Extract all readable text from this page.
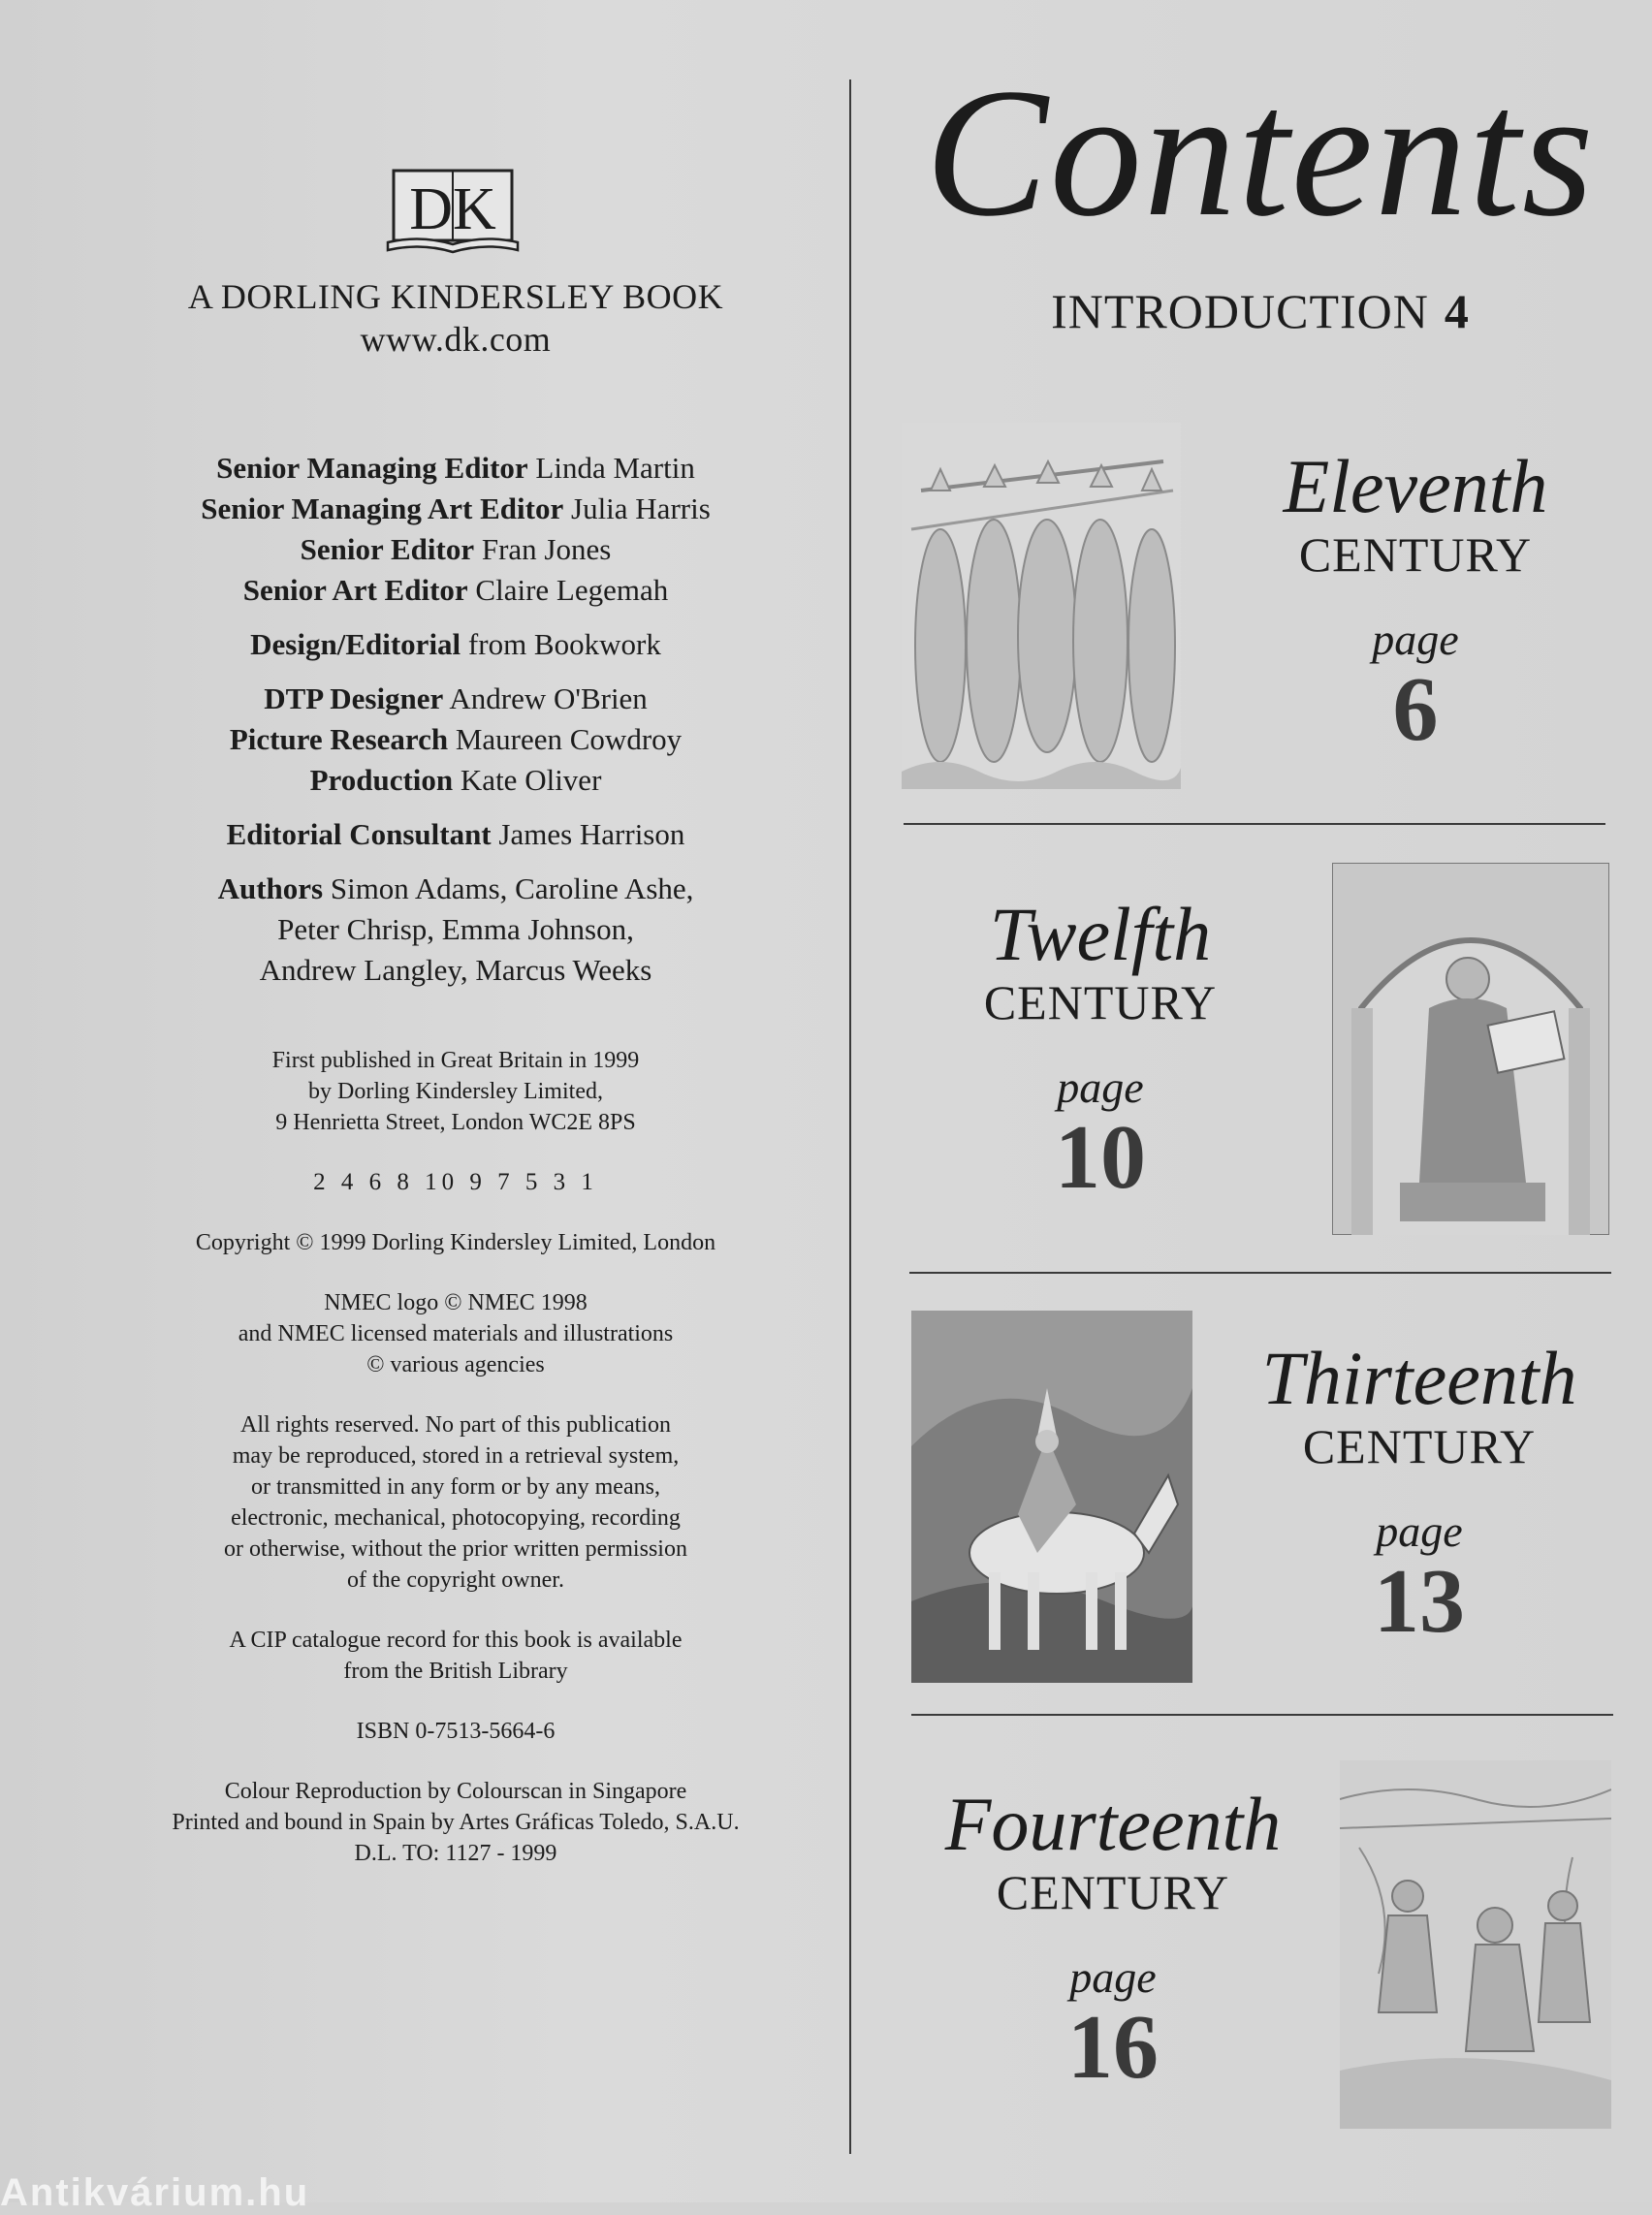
DK
A DORLING KINDERSLEY BOOK
www.dk.com
Senior Managing Editor Linda Martin
Senior Managing Art Editor Julia Harris
Senior Editor Fran Jones
Senior Art Editor Claire Legemah
Design/Editorial from Bookwork
DTP Designer Andrew O'Brien
Picture Research Maureen Cowdroy
Production Kate Oliver
Editorial Consultant James Harrison
Authors Simon Adams, Caroline Ashe,
Peter Chrisp, Emma Johnson,
Andrew Langley, Marcus Weeks
First published in Great Britain in 1999
by Dorling Kindersley Limited,
9 Henrietta Street, London WC2E 8PS
2 4 6 8 10 9 7 5 3 1
Copyright © 1999 Dorling Kindersley Limited, London
NMEC logo © NMEC 1998
and NMEC licensed materials and illustrations
© various agencies
All rights reserved. No part of this publication
may be reproduced, stored in a retrieval system,
or transmitted in any form or by any means,
electronic, mechanical, photocopying, recording
or otherwise, without the prior written permission
of the copyright owner.
A CIP catalogue record for this book is available
from the British Library
ISBN 0-7513-5664-6
Colour Reproduction by Colourscan in Singapore
Printed and bound in Spain by Artes Gráficas Toledo, S.A.U.
D.L. TO: 1127 - 1999
Contents
INTRODUCTION 4
Eleventh
CENTURY
page
6
Twelfth
CENTURY
page
10
Thirteenth
CENTURY
page
13
Fourteenth
CENTURY
page
16
Antikvárium.hu
